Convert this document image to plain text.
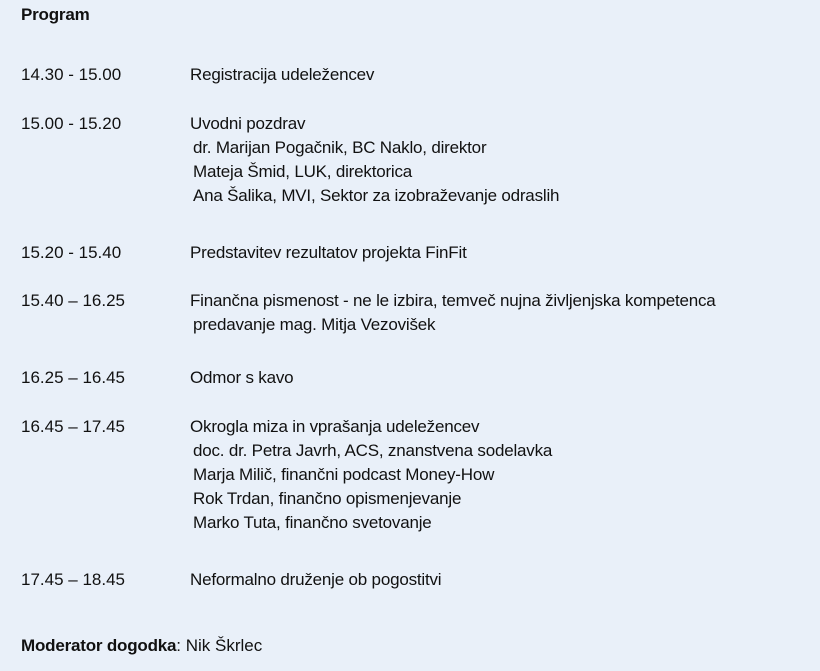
Program
14.30 - 15.00	Registracija udeležencev
15.00 - 15.20	Uvodni pozdrav
dr. Marijan Pogačnik, BC Naklo, direktor
Mateja Šmid, LUK, direktorica
Ana Šalika, MVI, Sektor za izobraževanje odraslih
15.20 - 15.40	Predstavitev rezultatov projekta FinFit
15.40 – 16.25	Finančna pismenost - ne le izbira, temveč nujna življenjska kompetenca
predavanje mag. Mitja Vezovišek
16.25 – 16.45	Odmor s kavo
16.45 – 17.45	Okrogla miza in vprašanja udeležencev
doc. dr. Petra Javrh, ACS, znanstvena sodelavka
Marja Milič, finančni podcast Money-How
Rok Trdan, finančno opismenjevanje
Marko Tuta, finančno svetovanje
17.45 – 18.45	Neformalno druženje ob pogostitvi
Moderator dogodka: Nik Škrlec
